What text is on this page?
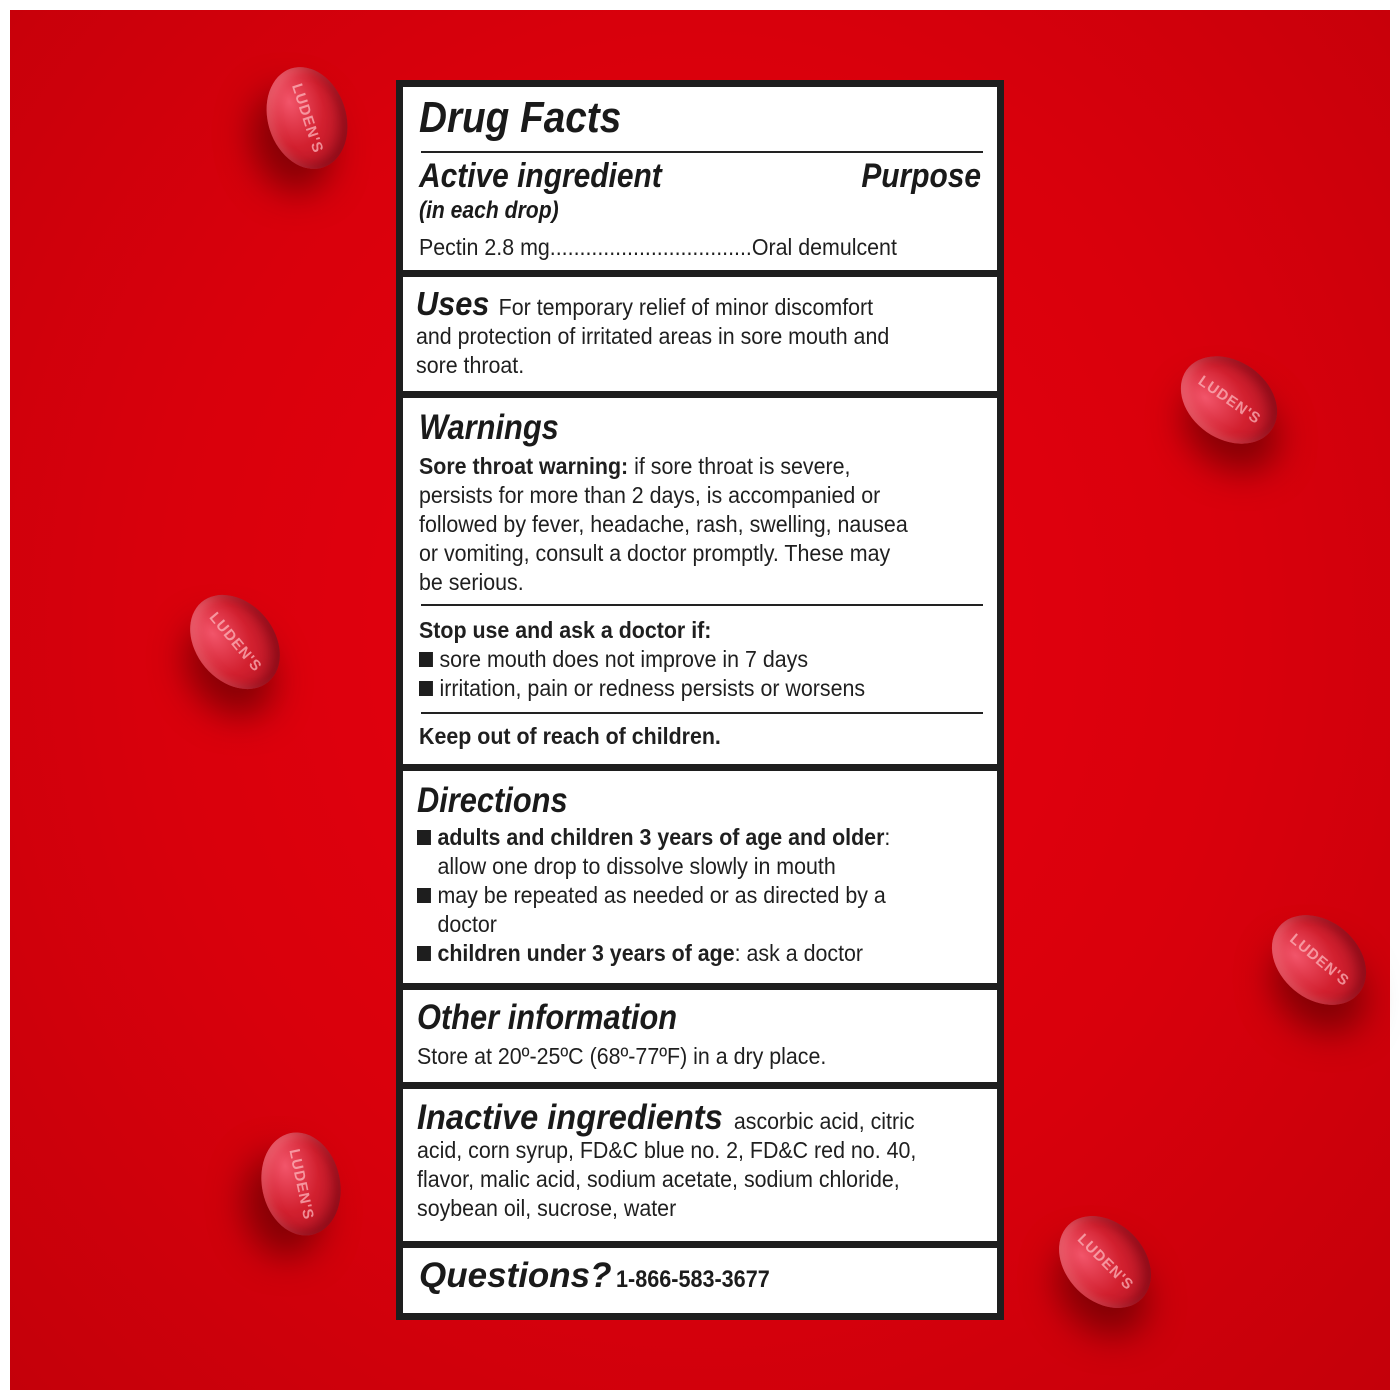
LUDEN'S
LUDEN'S
LUDEN'S
LUDEN'S
LUDEN'S
LUDEN'S
Drug Facts
Active ingredient	Purpose
(in each drop)
Pectin 2.8 mg..................................Oral demulcent
Uses For temporary relief of minor discomfort
and protection of irritated areas in sore mouth and
sore throat.
Warnings
Sore throat warning: if sore throat is severe,
persists for more than 2 days, is accompanied or
followed by fever, headache, rash, swelling, nausea
or vomiting, consult a doctor promptly. These may
be serious.
Stop use and ask a doctor if:
sore mouth does not improve in 7 days
irritation, pain or redness persists or worsens
Keep out of reach of children.
Directions
adults and children 3 years of age and older:
allow one drop to dissolve slowly in mouth
may be repeated as needed or as directed by a
doctor
children under 3 years of age: ask a doctor
Other information
Store at 20º-25ºC (68º-77ºF) in a dry place.
Inactive ingredients ascorbic acid, citric
acid, corn syrup, FD&C blue no. 2, FD&C red no. 40,
flavor, malic acid, sodium acetate, sodium chloride,
soybean oil, sucrose, water
Questions? 1-866-583-3677
